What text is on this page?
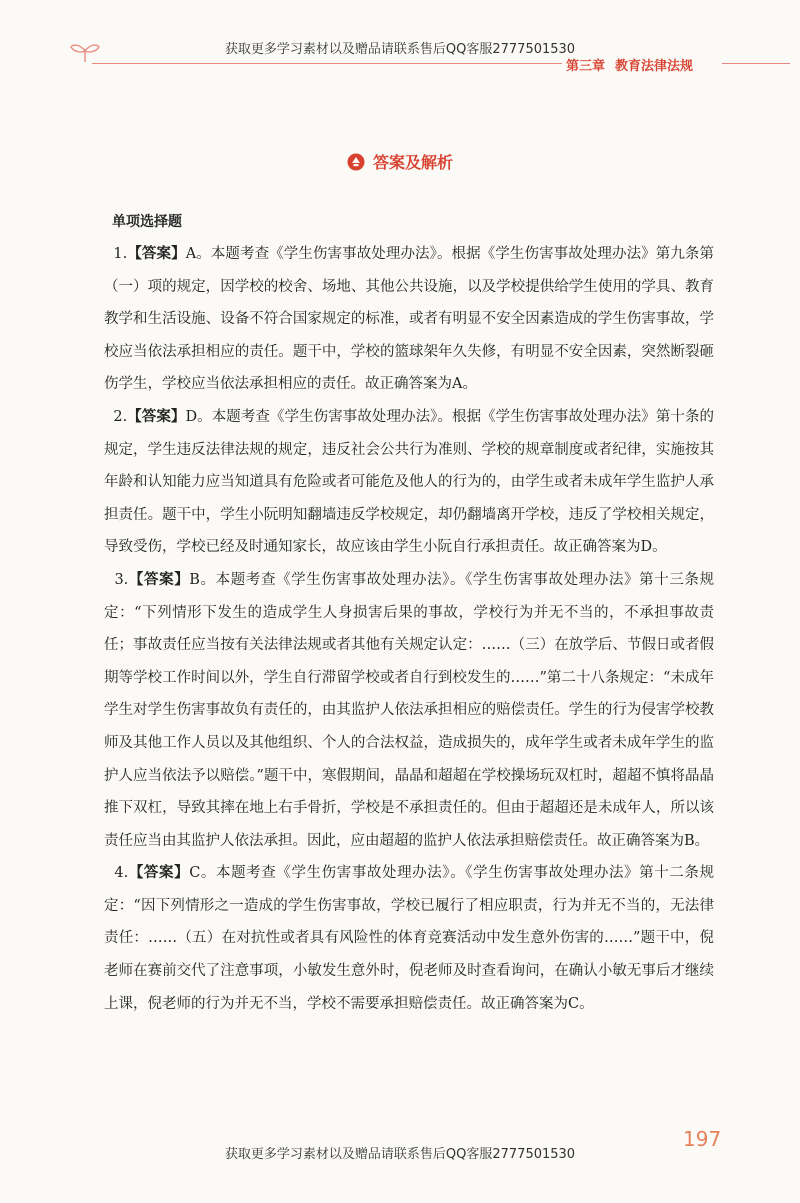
获取更多学习素材以及赠品请联系售后QQ客服2777501530
第三章 教育法律法规
答案及解析
单项选择题

1.【答案】A。本题考查《学生伤害事故处理办法》。根据《学生伤害事故处理办法》第九条第（一）项的规定，因学校的校舍、场地、其他公共设施，以及学校提供给学生使用的学具、教育教学和生活设施、设备不符合国家规定的标准，或者有明显不安全因素造成的学生伤害事故，学校应当依法承担相应的责任。题干中，学校的篮球架年久失修，有明显不安全因素，突然断裂砸伤学生，学校应当依法承担相应的责任。故正确答案为A。

2.【答案】D。本题考查《学生伤害事故处理办法》。根据《学生伤害事故处理办法》第十条的规定，学生违反法律法规的规定，违反社会公共行为准则、学校的规章制度或者纪律，实施按其年龄和认知能力应当知道具有危险或者可能危及他人的行为的，由学生或者未成年学生监护人承担责任。题干中，学生小阮明知翻墙违反学校规定，却仍翻墙离开学校，违反了学校相关规定，导致受伤，学校已经及时通知家长，故应该由学生小阮自行承担责任。故正确答案为D。

3.【答案】B。本题考查《学生伤害事故处理办法》。《学生伤害事故处理办法》第十三条规定：“下列情形下发生的造成学生人身损害后果的事故，学校行为并无不当的，不承担事故责任；事故责任应当按有关法律法规或者其他有关规定认定：……（三）在放学后、节假日或者假期等学校工作时间以外，学生自行滞留学校或者自行到校发生的……”第二十八条规定：“未成年学生对学生伤害事故负有责任的，由其监护人依法承担相应的赔偿责任。学生的行为侵害学校教师及其他工作人员以及其他组织、个人的合法权益，造成损失的，成年学生或者未成年学生的监护人应当依法予以赔偿。”题干中，寒假期间，晶晶和超超在学校操场玩双杠时，超超不慎将晶晶推下双杠，导致其摔在地上右手骨折，学校是不承担责任的。但由于超超还是未成年人，所以该责任应当由其监护人依法承担。因此，应由超超的监护人依法承担赔偿责任。故正确答案为B。

4.【答案】C。本题考查《学生伤害事故处理办法》。《学生伤害事故处理办法》第十二条规定：“因下列情形之一造成的学生伤害事故，学校已履行了相应职责，行为并无不当的，无法律责任：……（五）在对抗性或者具有风险性的体育竞赛活动中发生意外伤害的……”题干中，倪老师在赛前交代了注意事项，小敏发生意外时，倪老师及时查看询问，在确认小敏无事后才继续上课，倪老师的行为并无不当，学校不需要承担赔偿责任。故正确答案为C。

获取更多学习素材以及赠品请联系售后QQ客服2777501530
197
